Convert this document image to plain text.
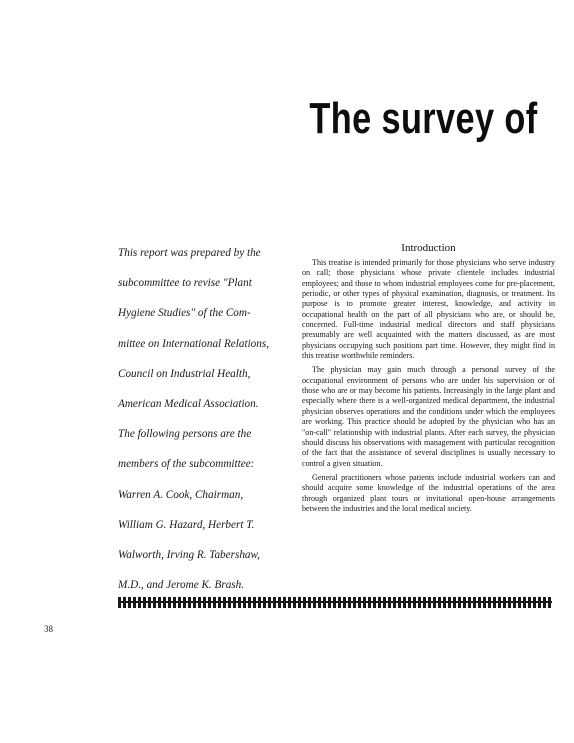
The survey of

This report was prepared by the

subcommittee to revise "Plant

Hygiene Studies" of the Com-

mittee on International Relations,

Council on Industrial Health,

American Medical Association.

The following persons are the

members of the subcommittee:

Warren A. Cook, Chairman,

William G. Hazard, Herbert T.

Walworth, Irving R. Tabershaw,

M.D., and Jerome K. Brash.

Introduction

This treatise is intended primarily for those physicians who serve industry on call; those physicians whose private clientele includes industrial employees; and those to whom industrial employees come for pre-placement, periodic, or other types of physical examination, diagnosis, or treatment. Its purpose is to promote greater interest, knowledge, and activity in occupational health on the part of all physicians who are, or should be, concerned. Full-time industrial medical directors and staff physicians presumably are well acquainted with the matters discussed, as are most physicians occupying such positions part time. However, they might find in this treatise worthwhile reminders.

The physician may gain much through a personal survey of the occupational environment of persons who are under his supervision or of those who are or may become his patients. Increasingly in the large plant and especially where there is a well-organized medical department, the industrial physician observes operations and the conditions under which the employees are working. This practice should be adopted by the physician who has an "on-call" relationship with industrial plants. After each survey, the physician should discuss his observations with management with particular recognition of the fact that the assistance of several disciplines is usually necessary to control a given situation.

General practitioners whose patients include industrial workers can and should acquire some knowledge of the industrial operations of the area through organized plant tours or invitational open-house arrangements between the industries and the local medical society.

38
